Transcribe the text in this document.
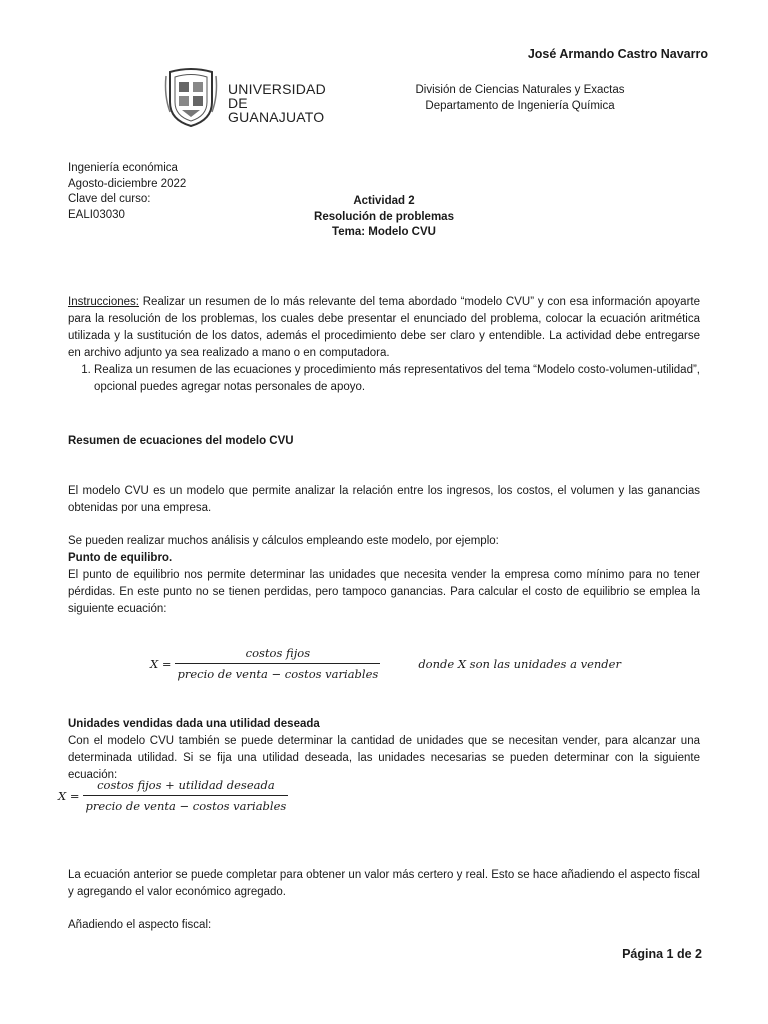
José Armando Castro Navarro
UNIVERSIDAD DE
GUANAJUATO
División de Ciencias Naturales y Exactas
Departamento de Ingeniería Química
Ingeniería económica
Agosto-diciembre 2022
Clave del curso:
EALI03030
Actividad 2
Resolución de problemas
Tema: Modelo CVU
Instrucciones: Realizar un resumen de lo más relevante del tema abordado “modelo CVU” y con esa información apoyarte para la resolución de los problemas, los cuales debe presentar el enunciado del problema, colocar la ecuación aritmética utilizada y la sustitución de los datos, además el procedimiento debe ser claro y entendible. La actividad debe entregarse en archivo adjunto ya sea realizado a mano o en computadora.
1. Realiza un resumen de las ecuaciones y procedimiento más representativos del tema “Modelo costo-volumen-utilidad”, opcional puedes agregar notas personales de apoyo.
Resumen de ecuaciones del modelo CVU
El modelo CVU es un modelo que permite analizar la relación entre los ingresos, los costos, el volumen y las ganancias obtenidas por una empresa.
Se pueden realizar muchos análisis y cálculos empleando este modelo, por ejemplo:
Punto de equilibro.
El punto de equilibrio nos permite determinar las unidades que necesita vender la empresa como mínimo para no tener pérdidas. En este punto no se tienen perdidas, pero tampoco ganancias. Para calcular el costo de equilibrio se emplea la siguiente ecuación:
$X = \frac{\text{costos fijos}}{\text{precio de venta − costos variables}}$	donde X son las unidades a vender
Unidades vendidas dada una utilidad deseada
Con el modelo CVU también se puede determinar la cantidad de unidades que se necesitan vender, para alcanzar una determinada utilidad. Si se fija una utilidad deseada, las unidades necesarias se pueden determinar con la siguiente ecuación:
$X = \frac{\text{costos fijos + utilidad deseada}}{\text{precio de venta − costos variables}}$
La ecuación anterior se puede completar para obtener un valor más certero y real. Esto se hace añadiendo el aspecto fiscal y agregando el valor económico agregado.
Añadiendo el aspecto fiscal:
Página 1 de 2
